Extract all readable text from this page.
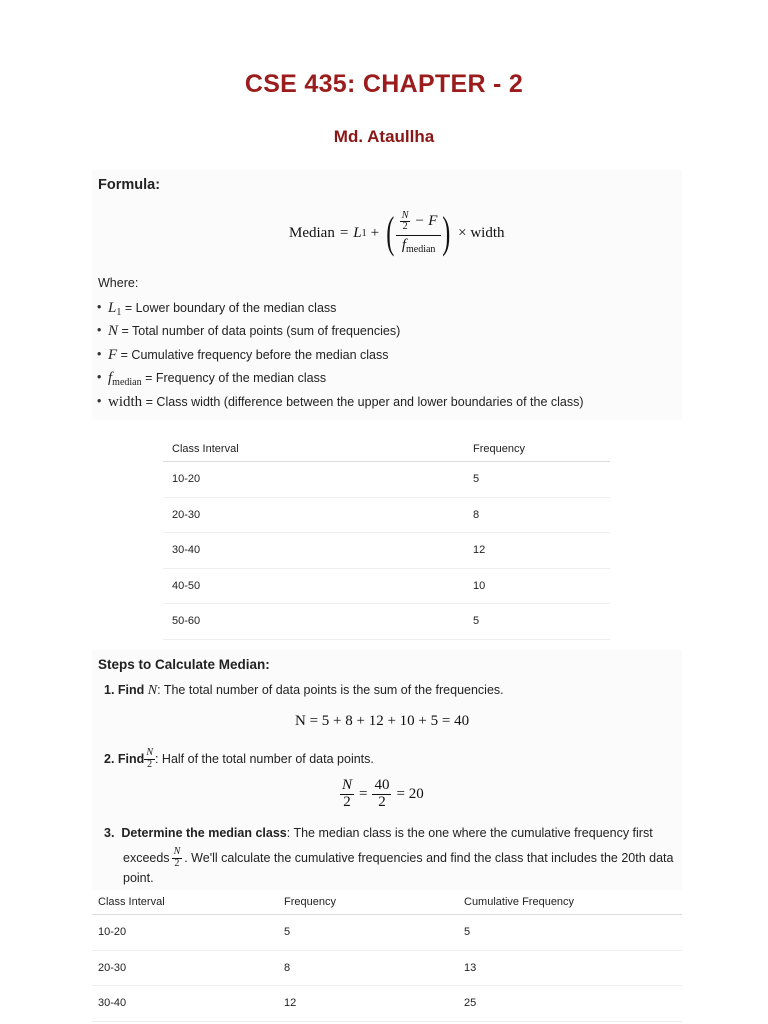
CSE 435: CHAPTER - 2
Md. Ataullha
Formula:
Median = L 1 + ( $\frac{\frac{N}{2} - F}{f_{median}}$ ) × width
Where:
• $L_1$ = Lower boundary of the median class
• N = Total number of data points (sum of frequencies)
• F = Cumulative frequency before the median class
• $f_{median}$ = Frequency of the median class
• width = Class width (difference between the upper and lower boundaries of the class)
Class Interval	Frequency
10-20	5
20-30	8
30-40	12
40-50	10
50-60	5
Steps to Calculate Median:
1. Find N: The total number of data points is the sum of the frequencies.
N = 5 + 8 + 12 + 10 + 5 = 40
2.
Find $\frac{N}{2}$ : Half of the total number of data points.
$\frac{N}{2} = \frac{40}{2} = 20$
3. Determine the median class: The median class is the one where the cumulative frequency first
exceeds $\frac{N}{2}$ . We'll calculate the cumulative frequencies and find the class that includes the 20th data
point.
Class Interval	Frequency	Cumulative Frequency
10-20	5	5
20-30	8	13
30-40	12	25
